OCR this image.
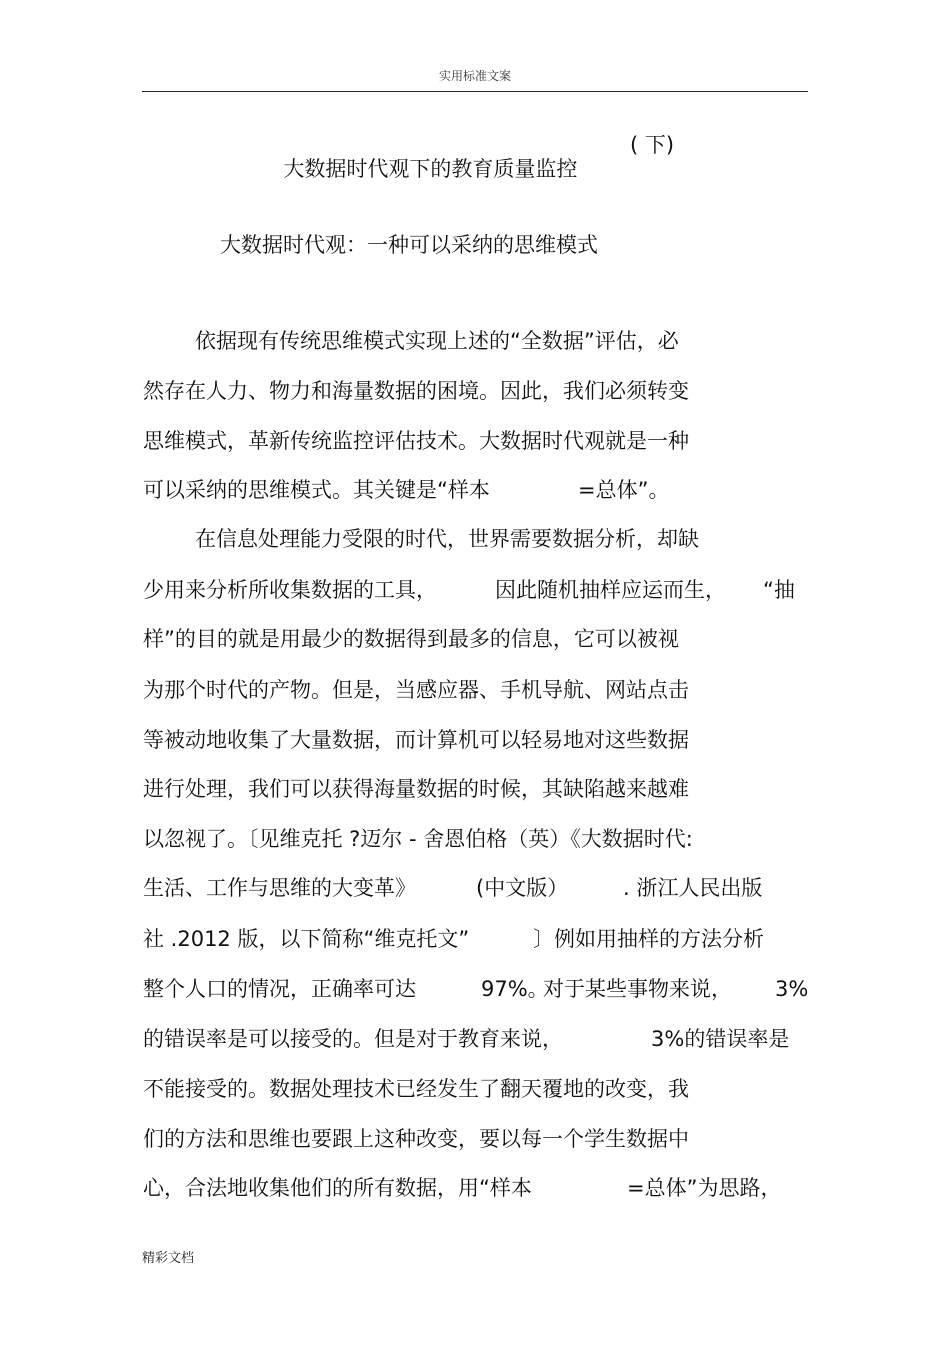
实用标准文案

大数据时代观下的教育质量监控

( 下)

大数据时代观：一种可以采纳的思维模式
依据现有传统思维模式实现上述的“全数据”评估，必
然存在人力、物力和海量数据的困境。因此，我们必须转变
思维模式，革新传统监控评估技术。大数据时代观就是一种
可以采纳的思维模式。其关键是“样本	=总体”。
在信息处理能力受限的时代，世界需要数据分析，却缺
少用来分析所收集数据的工具，	因此随机抽样应运而生， “抽
样”的目的就是用最少的数据得到最多的信息，它可以被视
为那个时代的产物。但是，当感应器、手机导航、网站点击
等被动地收集了大量数据，而计算机可以轻易地对这些数据
进行处理，我们可以获得海量数据的时候，其缺陷越来越难
以忽视了。〔见维克托 ?迈尔 - 舍恩伯格（英）《大数据时代:
生活、工作与思维的大变革》	(中文版）	. 浙江人民出版
社 .2012 版，以下简称“维克托文”	〕例如用抽样的方法分析
整个人口的情况，正确率可达	97%。
对于某些事物来说， 3%
的错误率是可以接受的。但是对于教育来说，	3%的错误率是
不能接受的。数据处理技术已经发生了翻天覆地的改变，我
们的方法和思维也要跟上这种改变，要以每一个学生数据中
心，合法地收集他们的所有数据，用“样本	=总体”为思路，
精彩文档
